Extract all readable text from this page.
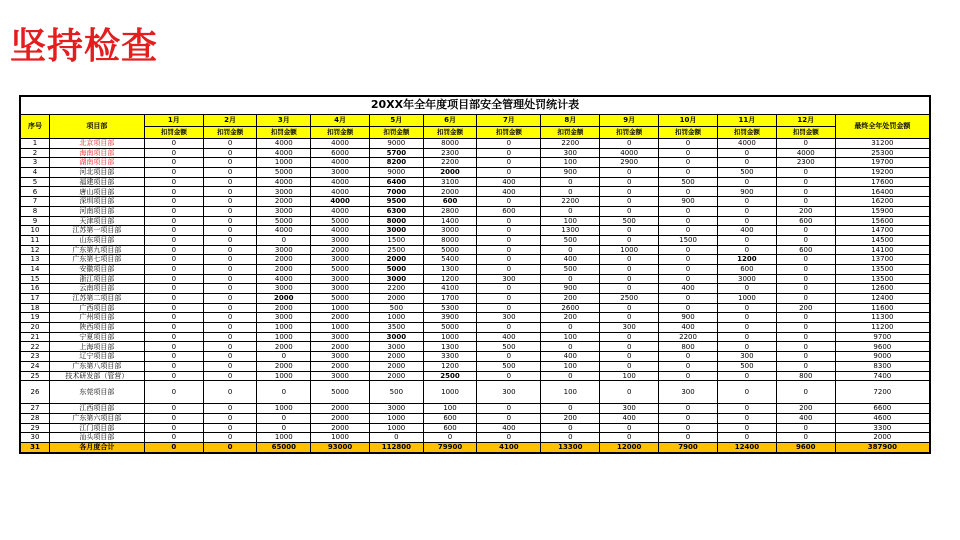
坚持检查
20XX年全年度项目部安全管理处罚统计表														
序号	项目部	1月	2月	3月	4月	5月	6月	7月	8月	9月	10月	11月	12月	最终全年处罚金额
		扣罚金额	扣罚金额	扣罚金额	扣罚金额	扣罚金额	扣罚金额	扣罚金额	扣罚金额	扣罚金额	扣罚金额	扣罚金额	扣罚金额	
1	北京项目部	0	0	4000	4000	9000	8000	0	2200	0	0	4000	0	31200
2	海南项目部	0	0	4000	6000	5700	2300	0	300	4000	0	0	4000	25300
3	湖南项目部	0	0	1000	4000	8200	2200	0	100	2900	0	0	2300	19700
4	河北项目部	0	0	5000	3000	9000	2000	0	900	0	0	500	0	19200
5	福建项目部	0	0	4000	4000	6400	3100	400	0	0	500	0	0	17600
6	唐山项目部	0	0	3000	4000	7000	2000	400	0	0	0	900	0	16400
7	深圳项目部	0	0	2000	4000	9500	600	0	2200	0	900	0	0	16200
8	河南项目部	0	0	3000	4000	6300	2800	600	0	0	0	0	200	15900
9	天津项目部	0	0	5000	5000	8000	1400	0	100	500	0	0	600	15600
10	江苏第一项目部	0	0	4000	4000	3000	3000	0	1300	0	0	400	0	14700
11	山东项目部	0	0	0	3000	1500	8000	0	500	0	1500	0	0	14500
12	广东第九项目部	0	0	3000	2000	2500	5000	0	0	1000	0	0	600	14100
13	广东第七项目部	0	0	2000	3000	2000	5400	0	400	0	0	1200	0	13700
14	安徽项目部	0	0	2000	5000	5000	1300	0	500	0	0	600	0	13500
15	浙江项目部	0	0	4000	3000	3000	1200	300	0	0	0	3000	0	13500
16	云南项目部	0	0	3000	3000	2200	4100	0	900	0	400	0	0	12600
17	江苏第二项目部	0	0	2000	5000	2000	1700	0	200	2500	0	1000	0	12400
18	广西项目部	0	0	2000	1000	500	5300	0	2600	0	0	0	200	11600
19	广州项目部	0	0	3000	2000	1000	3900	300	200	0	900	0	0	11300
20	陕西项目部	0	0	1000	1000	3500	5000	0	0	300	400	0	0	11200
21	宁夏项目部	0	0	1000	3000	3000	1000	400	100	0	2200	0	0	9700
22	上海项目部	0	0	2000	2000	3000	1300	500	0	0	800	0	0	9600
23	辽宁项目部	0	0	0	3000	2000	3300	0	400	0	0	300	0	9000
24	广东第八项目部	0	0	2000	2000	2000	1200	500	100	0	0	500	0	8300
25	技术研发部（管营）	0	0	1000	3000	2000	2500	0	0	100	0	0	800	7400
26	东莞项目部	0	0	0	5000	500	1000	300	100	0	300	0	0	7200
27	江西项目部	0	0	1000	2000	3000	100	0	0	300	0	0	200	6600
28	广东第六项目部	0	0	0	2000	1000	600	0	200	400	0	0	400	4600
29	江门项目部	0	0	0	2000	1000	600	400	0	0	0	0	0	3300
30	汕头项目部	0	0	1000	1000	0	0	0	0	0	0	0	0	2000
31	各月度合计	0	0	65000	93000	112800	79900	4100	13300	12000	7900	12400	9600	387900
